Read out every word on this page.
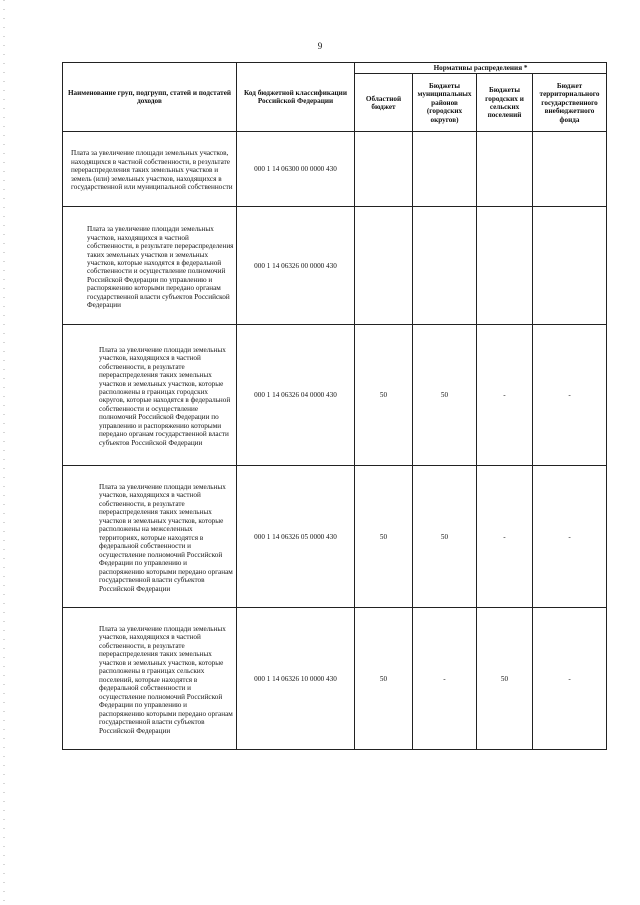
9
Наименование груп, подгрупп, статей и подстатей доходов	Код бюджетной классификации Российской Федерации	Нормативы распределения *			
		Областной бюджет	Бюджеты муниципальных районов (городских округов)	Бюджеты городских и сельских поселений	Бюджет территориального государственного внебюджетного фонда

Плата за увеличение площади земельных участков, находящихся в частной собственности, в результате перераспределения таких земельных участков и земель (или) земельных участков, находящихся в государственной или муниципальной собственности	000 1 14 06300 00 0000 430				

Плата за увеличение площади земельных участков, находящихся в частной собственности, в результате перераспределения таких земельных участков и земельных участков, которые находятся в федеральной собственности и осуществление полномочий Российской Федерации по управлению и распоряжению которыми передано органам государственной власти субъектов Российской Федерации	000 1 14 06326 00 0000 430				

Плата за увеличение площади земельных участков, находящихся в частной собственности, в результате перераспределения таких земельных участков и земельных участков, которые расположены в границах городских округов, которые находятся в федеральной собственности и осуществление полномочий Российской Федерации по управлению и распоряжению которыми передано органам государственной власти субъектов Российской Федерации	000 1 14 06326 04 0000 430	50	50	-	-

Плата за увеличение площади земельных участков, находящихся в частной собственности, в результате перераспределения таких земельных участков и земельных участков, которые расположены на межселенных территориях, которые находятся в федеральной собственности и осуществление полномочий Российской Федерации по управлению и распоряжению которыми передано органам государственной власти субъектов Российской Федерации	000 1 14 06326 05 0000 430	50	50	-	-

Плата за увеличение площади земельных участков, находящихся в частной собственности, в результате перераспределения таких земельных участков и земельных участков, которые расположены в границах сельских поселений, которые находятся в федеральной собственности и осуществление полномочий Российской Федерации по управлению и распоряжению которыми передано органам государственной власти субъектов Российской Федерации	000 1 14 06326 10 0000 430	50	-	50	-
